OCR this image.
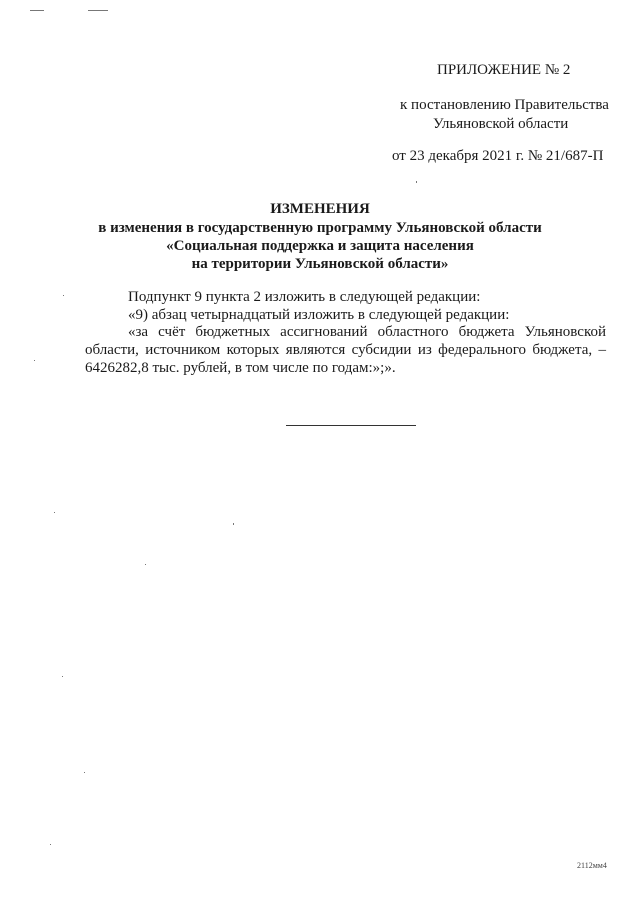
ПРИЛОЖЕНИЕ № 2
к постановлению Правительства
Ульяновской области
от 23 декабря 2021 г. № 21/687-П
ИЗМЕНЕНИЯ
в изменения в государственную программу Ульяновской области
«Социальная поддержка и защита населения
на территории Ульяновской области»
Подпункт 9 пункта 2 изложить в следующей редакции:
«9) абзац четырнадцатый изложить в следующей редакции:
«за счёт бюджетных ассигнований областного бюджета Ульяновской
области, источником которых являются субсидии из федерального бюджета, –
6426282,8 тыс. рублей, в том числе по годам:»;».
2112мм4
